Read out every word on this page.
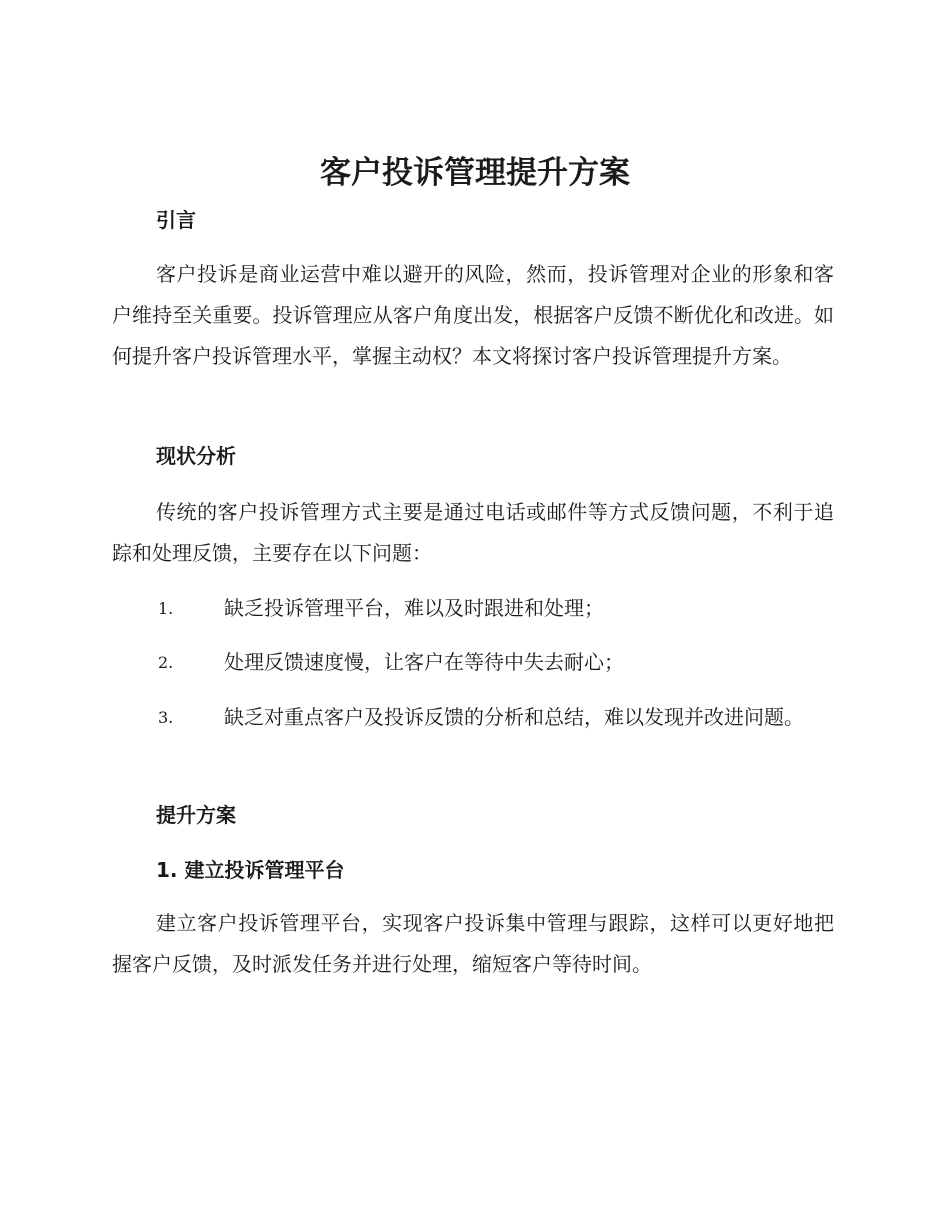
客户投诉管理提升方案
引言

客户投诉是商业运营中难以避开的风险，然而，投诉管理对企业的形象和客户维持至关重要。投诉管理应从客户角度出发，根据客户反馈不断优化和改进。如何提升客户投诉管理水平，掌握主动权？本文将探讨客户投诉管理提升方案。

现状分析

传统的客户投诉管理方式主要是通过电话或邮件等方式反馈问题，不利于追踪和处理反馈，主要存在以下问题：

1.	缺乏投诉管理平台，难以及时跟进和处理；
2.	处理反馈速度慢，让客户在等待中失去耐心；
3.	缺乏对重点客户及投诉反馈的分析和总结，难以发现并改进问题。
提升方案
1. 建立投诉管理平台

建立客户投诉管理平台，实现客户投诉集中管理与跟踪，这样可以更好地把握客户反馈，及时派发任务并进行处理，缩短客户等待时间。
